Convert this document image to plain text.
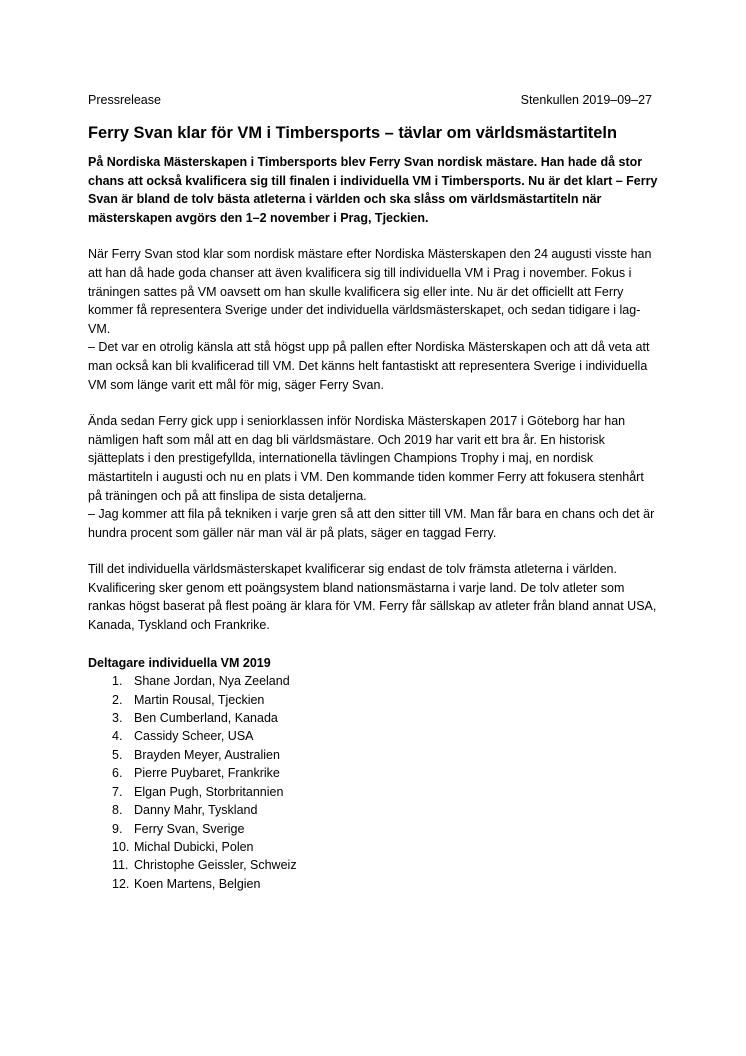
Pressrelease	Stenkullen 2019–09–27
Ferry Svan klar för VM i Timbersports – tävlar om världsmästartiteln
På Nordiska Mästerskapen i Timbersports blev Ferry Svan nordisk mästare. Han hade då stor chans att också kvalificera sig till finalen i individuella VM i Timbersports. Nu är det klart – Ferry Svan är bland de tolv bästa atleterna i världen och ska slåss om världsmästartiteln när mästerskapen avgörs den 1–2 november i Prag, Tjeckien.

När Ferry Svan stod klar som nordisk mästare efter Nordiska Mästerskapen den 24 augusti visste han att han då hade goda chanser att även kvalificera sig till individuella VM i Prag i november. Fokus i träningen sattes på VM oavsett om han skulle kvalificera sig eller inte. Nu är det officiellt att Ferry kommer få representera Sverige under det individuella världsmästerskapet, och sedan tidigare i lag-VM.

– Det var en otrolig känsla att stå högst upp på pallen efter Nordiska Mästerskapen och att då veta att man också kan bli kvalificerad till VM. Det känns helt fantastiskt att representera Sverige i individuella VM som länge varit ett mål för mig, säger Ferry Svan.

Ända sedan Ferry gick upp i seniorklassen inför Nordiska Mästerskapen 2017 i Göteborg har han nämligen haft som mål att en dag bli världsmästare. Och 2019 har varit ett bra år. En historisk sjätteplats i den prestigefyllda, internationella tävlingen Champions Trophy i maj, en nordisk mästartiteln i augusti och nu en plats i VM. Den kommande tiden kommer Ferry att fokusera stenhårt på träningen och på att finslipa de sista detaljerna.

– Jag kommer att fila på tekniken i varje gren så att den sitter till VM. Man får bara en chans och det är hundra procent som gäller när man väl är på plats, säger en taggad Ferry.

Till det individuella världsmästerskapet kvalificerar sig endast de tolv främsta atleterna i världen. Kvalificering sker genom ett poängsystem bland nationsmästarna i varje land. De tolv atleter som rankas högst baserat på flest poäng är klara för VM. Ferry får sällskap av atleter från bland annat USA, Kanada, Tyskland och Frankrike.

Deltagare individuella VM 2019
1. Shane Jordan, Nya Zeeland
2. Martin Rousal, Tjeckien
3. Ben Cumberland, Kanada
4. Cassidy Scheer, USA
5. Brayden Meyer, Australien
6. Pierre Puybaret, Frankrike
7. Elgan Pugh, Storbritannien
8. Danny Mahr, Tyskland
9. Ferry Svan, Sverige
10. Michal Dubicki, Polen
11. Christophe Geissler, Schweiz
12. Koen Martens, Belgien
